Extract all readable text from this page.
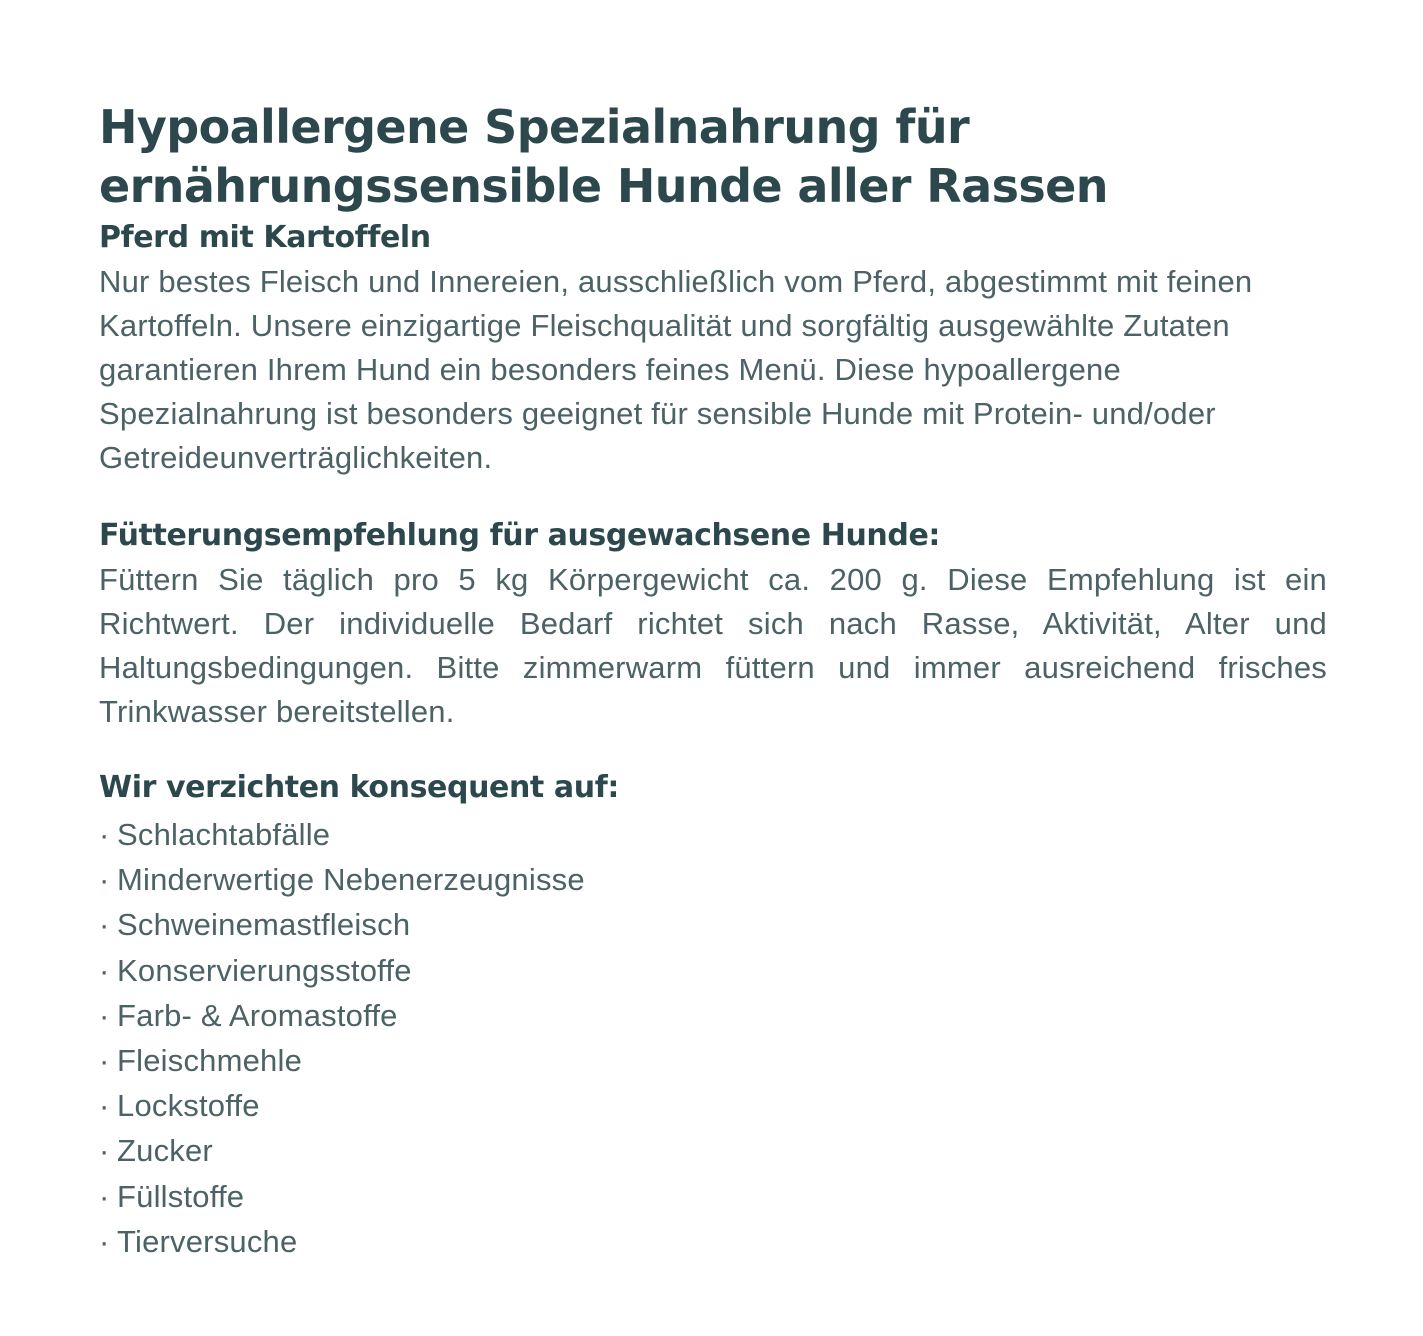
Hypoallergene Spezialnahrung für ernährungssensible Hunde aller Rassen
Pferd mit Kartoffeln

Nur bestes Fleisch und Innereien, ausschließlich vom Pferd, abgestimmt mit feinen Kartoffeln. Unsere einzigartige Fleischqualität und sorgfältig ausgewählte Zutaten garantieren Ihrem Hund ein besonders feines Menü. Diese hypoallergene Spezialnahrung ist besonders geeignet für sensible Hunde mit Protein- und/oder Getreideunverträglichkeiten.

Fütterungsempfehlung für ausgewachsene Hunde:

Füttern Sie täglich pro 5 kg Körpergewicht ca. 200 g. Diese Empfehlung ist ein Richtwert. Der individuelle Bedarf richtet sich nach Rasse, Aktivität, Alter und Haltungsbedingungen. Bitte zimmerwarm füttern und immer ausreichend frisches Trinkwasser bereitstellen.

Wir verzichten konsequent auf:
· Schlachtabfälle
· Minderwertige Nebenerzeugnisse
· Schweinemastfleisch
· Konservierungsstoffe
· Farb- & Aromastoffe
· Fleischmehle
· Lockstoffe
· Zucker
· Füllstoffe
· Tierversuche
